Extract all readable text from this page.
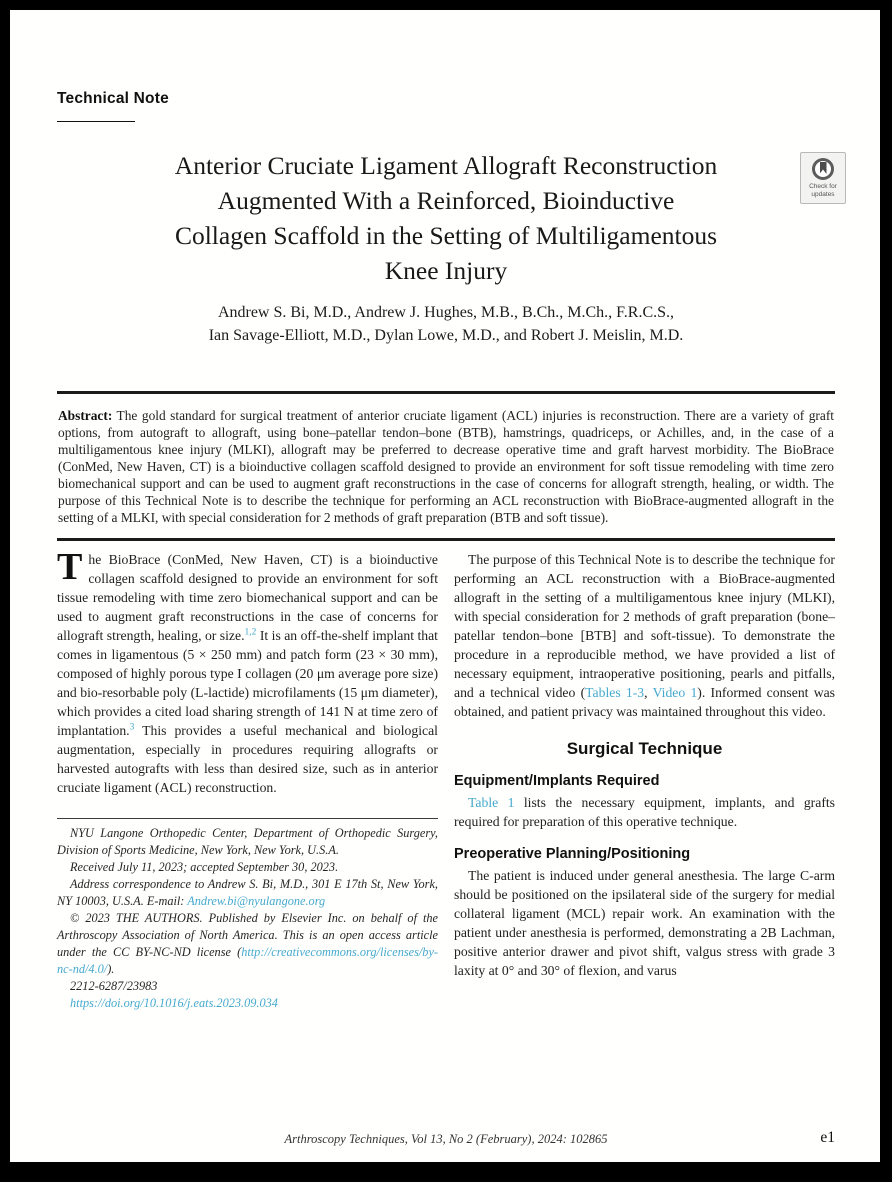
Technical Note
Anterior Cruciate Ligament Allograft Reconstruction
Augmented With a Reinforced, Bioinductive
Collagen Scaffold in the Setting of Multiligamentous
Knee Injury
Andrew S. Bi, M.D., Andrew J. Hughes, M.B., B.Ch., M.Ch., F.R.C.S.,
Ian Savage-Elliott, M.D., Dylan Lowe, M.D., and Robert J. Meislin, M.D.
Abstract: The gold standard for surgical treatment of anterior cruciate ligament (ACL) injuries is reconstruction. There are a variety of graft options, from autograft to allograft, using bone–patellar tendon–bone (BTB), hamstrings, quadriceps, or Achilles, and, in the case of a multiligamentous knee injury (MLKI), allograft may be preferred to decrease operative time and graft harvest morbidity. The BioBrace (ConMed, New Haven, CT) is a bioinductive collagen scaffold designed to provide an environment for soft tissue remodeling with time zero biomechanical support and can be used to augment graft reconstructions in the case of concerns for allograft strength, healing, or width. The purpose of this Technical Note is to describe the technique for performing an ACL reconstruction with BioBrace-augmented allograft in the setting of a MLKI, with special consideration for 2 methods of graft preparation (BTB and soft tissue).

The BioBrace (ConMed, New Haven, CT) is a bioinductive collagen scaffold designed to provide an environment for soft tissue remodeling with time zero biomechanical support and can be used to augment graft reconstructions in the case of concerns for allograft strength, healing, or size.$^{1,2}$ It is an off-the-shelf implant that comes in ligamentous (5 × 250 mm) and patch form (23 × 30 mm), composed of highly porous type I collagen (20 μm average pore size) and bio-resorbable poly (L-lactide) microfilaments (15 μm diameter), which provides a cited load sharing strength of 141 N at time zero of implantation.$^3$ This provides a useful mechanical and biological augmentation, especially in procedures requiring allografts or harvested autografts with less than desired size, such as in anterior cruciate ligament (ACL) reconstruction.

NYU Langone Orthopedic Center, Department of Orthopedic Surgery, Division of Sports Medicine, New York, New York, U.S.A.

Received July 11, 2023; accepted September 30, 2023.

Address correspondence to Andrew S. Bi, M.D., 301 E 17th St, New York, NY 10003, U.S.A. E-mail: Andrew.bi@nyulangone.org

© 2023 THE AUTHORS. Published by Elsevier Inc. on behalf of the Arthroscopy Association of North America. This is an open access article under the CC BY-NC-ND license (http://creativecommons.org/licenses/by-nc-nd/4.0/).

2212-6287/23983

https://doi.org/10.1016/j.eats.2023.09.034

The purpose of this Technical Note is to describe the technique for performing an ACL reconstruction with a BioBrace-augmented allograft in the setting of a multiligamentous knee injury (MLKI), with special consideration for 2 methods of graft preparation (bone–patellar tendon–bone [BTB] and soft-tissue). To demonstrate the procedure in a reproducible method, we have provided a list of necessary equipment, intraoperative positioning, pearls and pitfalls, and a technical video (Tables 1-3, Video 1). Informed consent was obtained, and patient privacy was maintained throughout this video.

Surgical Technique
Equipment/Implants Required

Table 1 lists the necessary equipment, implants, and grafts required for preparation of this operative technique.

Preoperative Planning/Positioning

The patient is induced under general anesthesia. The large C-arm should be positioned on the ipsilateral side of the surgery for medial collateral ligament (MCL) repair work. An examination with the patient under anesthesia is performed, demonstrating a 2B Lachman, positive anterior drawer and pivot shift, valgus stress with grade 3 laxity at 0° and 30° of flexion, and varus

Check for
updates
Arthroscopy Techniques, Vol 13, No 2 (February), 2024: 102865	e1
